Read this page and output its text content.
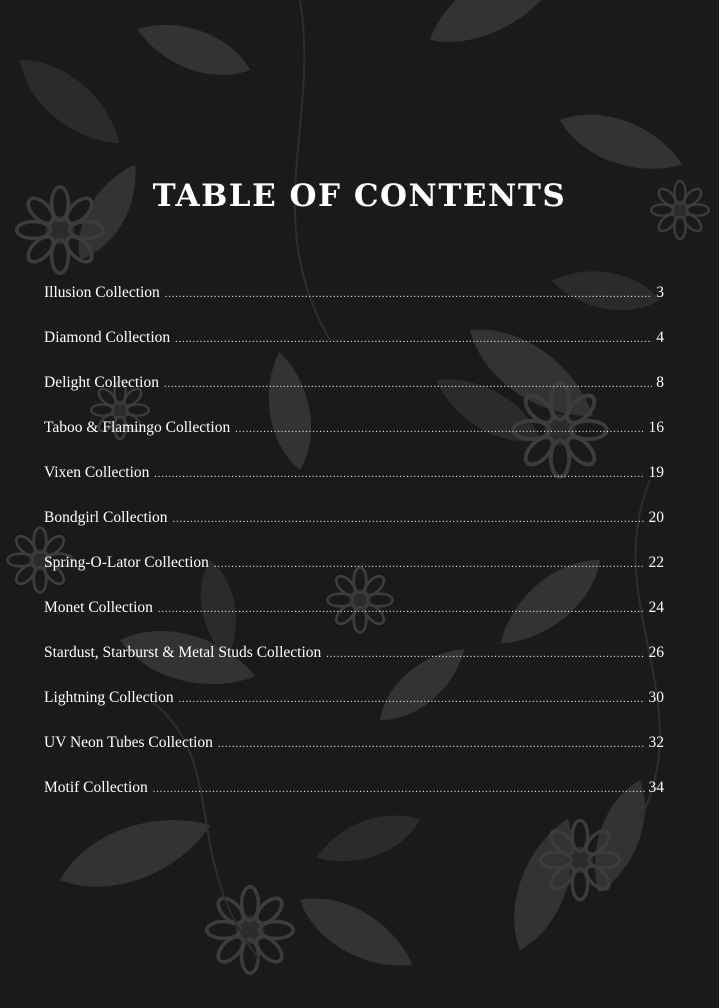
TABLE OF CONTENTS
Illusion Collection .....	3
Diamond Collection .....	4
Delight Collection .....	8
Taboo & Flamingo Collection .....	16
Vixen Collection .....	19
Bondgirl Collection .....	20
Spring-O-Lator Collection .....	22
Monet Collection .....	24
Stardust, Starburst & Metal Studs Collection .....	26
Lightning Collection .....	30
UV Neon Tubes Collection .....	32
Motif Collection .....	34
